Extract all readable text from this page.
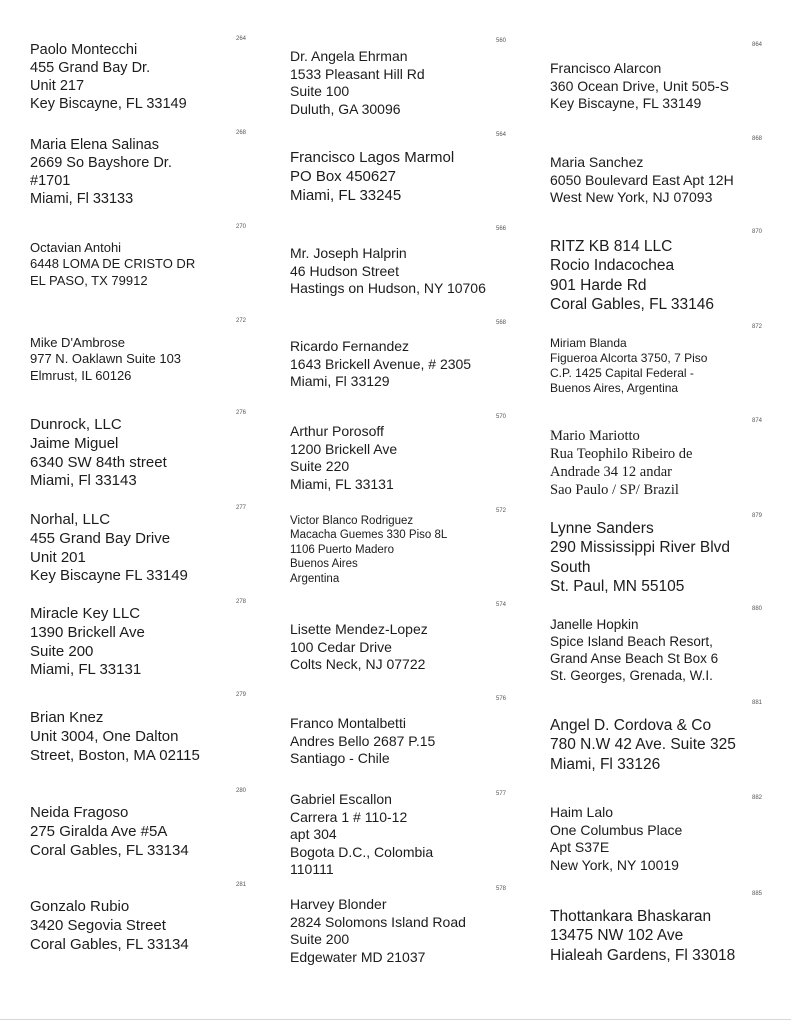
Paolo Montecchi
455 Grand Bay Dr.
Unit 217
Key Biscayne, FL 33149
264
Maria Elena Salinas
2669 So Bayshore Dr.
#1701
Miami, Fl 33133
268
Octavian Antohi
6448 LOMA DE CRISTO DR
EL PASO, TX 79912
270
Mike D'Ambrose
977 N. Oaklawn Suite 103
Elmrust, IL 60126
272
Dunrock, LLC
Jaime Miguel
6340 SW 84th street
Miami, Fl 33143
276
Norhal, LLC
455 Grand Bay Drive
Unit 201
Key Biscayne FL 33149
277
Miracle Key LLC
1390 Brickell Ave
Suite 200
Miami, FL 33131
278
Brian Knez
Unit 3004, One Dalton
Street, Boston, MA 02115
279
Neida Fragoso
275 Giralda Ave #5A
Coral Gables, FL 33134
280
Gonzalo Rubio
3420 Segovia Street
Coral Gables, FL 33134
281
Dr. Angela Ehrman
1533 Pleasant Hill Rd
Suite 100
Duluth, GA 30096
560
Francisco Lagos Marmol
PO Box 450627
Miami, FL 33245
564
Mr. Joseph Halprin
46 Hudson Street
Hastings on Hudson, NY 10706
566
Ricardo Fernandez
1643 Brickell Avenue, # 2305
Miami, Fl 33129
568
Arthur Porosoff
1200 Brickell Ave
Suite 220
Miami, FL 33131
570
Victor Blanco Rodriguez
Macacha Guemes 330 Piso 8L
1106 Puerto Madero
Buenos Aires
Argentina
572
Lisette Mendez-Lopez
100 Cedar Drive
Colts Neck, NJ 07722
574
Franco Montalbetti
Andres Bello 2687 P.15
Santiago - Chile
576
Gabriel Escallon
Carrera 1 # 110-12
apt 304
Bogota D.C., Colombia
110111
577
Harvey Blonder
2824 Solomons Island Road
Suite 200
Edgewater MD 21037
578
Francisco Alarcon
360 Ocean Drive, Unit 505-S
Key Biscayne, FL 33149
864
Maria Sanchez
6050 Boulevard East Apt 12H
West New York, NJ 07093
868
RITZ KB 814 LLC
Rocio Indacochea
901 Harde Rd
Coral Gables, FL 33146
870
Miriam Blanda
Figueroa Alcorta 3750, 7 Piso
C.P. 1425 Capital Federal -
Buenos Aires, Argentina
872
Mario Mariotto
Rua Teophilo Ribeiro de
Andrade 34 12 andar
Sao Paulo / SP/ Brazil
874
Lynne Sanders
290 Mississippi River Blvd
South
St. Paul, MN 55105
879
Janelle Hopkin
Spice Island Beach Resort,
Grand Anse Beach St Box 6
St. Georges, Grenada, W.I.
880
Angel D. Cordova & Co
780 N.W 42 Ave. Suite 325
Miami, Fl 33126
881
Haim Lalo
One Columbus Place
Apt S37E
New York, NY 10019
882
Thottankara Bhaskaran
13475 NW 102 Ave
Hialeah Gardens, Fl 33018
885
